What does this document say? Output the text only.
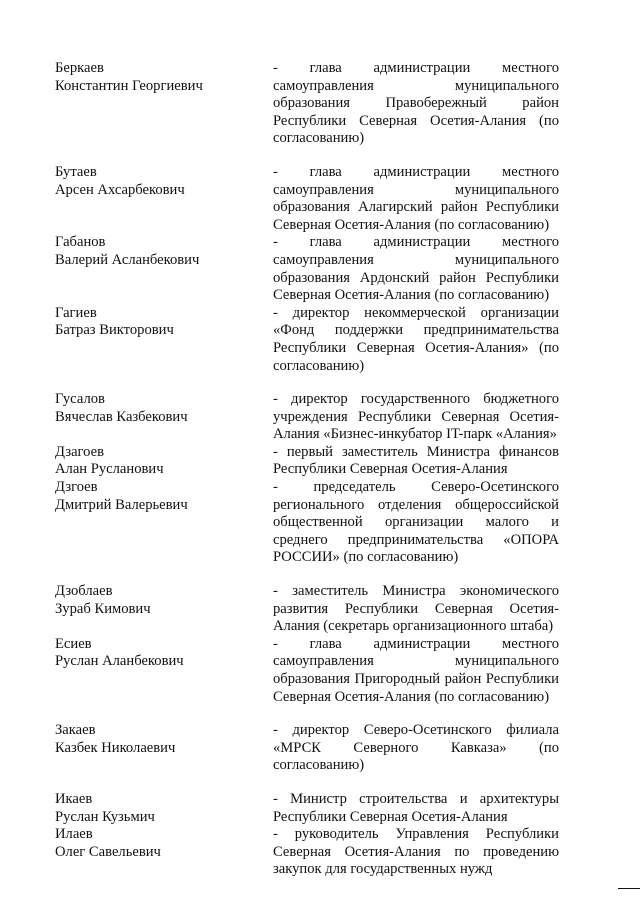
Беркаев
Константин Георгиевич
- глава администрации местного самоуправления муниципального образования Правобережный район Республики Северная Осетия-Алания (по согласованию)
Бутаев
Арсен Ахсарбекович
- глава администрации местного самоуправления муниципального образования Алагирский район Республики Северная Осетия-Алания (по согласованию)
Габанов
Валерий Асланбекович
- глава администрации местного самоуправления муниципального образования Ардонский район Республики Северная Осетия-Алания (по согласованию)
Гагиев
Батраз Викторович
- директор некоммерческой организации «Фонд поддержки предпринимательства Республики Северная Осетия-Алания» (по согласованию)
Гусалов
Вячеслав Казбекович
- директор государственного бюджетного учреждения Республики Северная Осетия-Алания «Бизнес-инкубатор IT-парк «Алания»
Дзагоев
Алан Русланович
- первый заместитель Министра финансов Республики Северная Осетия-Алания
Дзгоев
Дмитрий Валерьевич
- председатель Северо-Осетинского регионального отделения общероссийской общественной организации малого и среднего предпринимательства «ОПОРА РОССИИ» (по согласованию)
Дзоблаев
Зураб Кимович
- заместитель Министра экономического развития Республики Северная Осетия-Алания (секретарь организационного штаба)
Есиев
Руслан Аланбекович
- глава администрации местного самоуправления муниципального образования Пригородный район Республики Северная Осетия-Алания (по согласованию)
Закаев
Казбек Николаевич
- директор Северо-Осетинского филиала «МРСК Северного Кавказа» (по согласованию)
Икаев
Руслан Кузьмич
- Министр строительства и архитектуры Республики Северная Осетия-Алания
Илаев
Олег Савельевич
- руководитель Управления Республики Северная Осетия-Алания по проведению закупок для государственных нужд
